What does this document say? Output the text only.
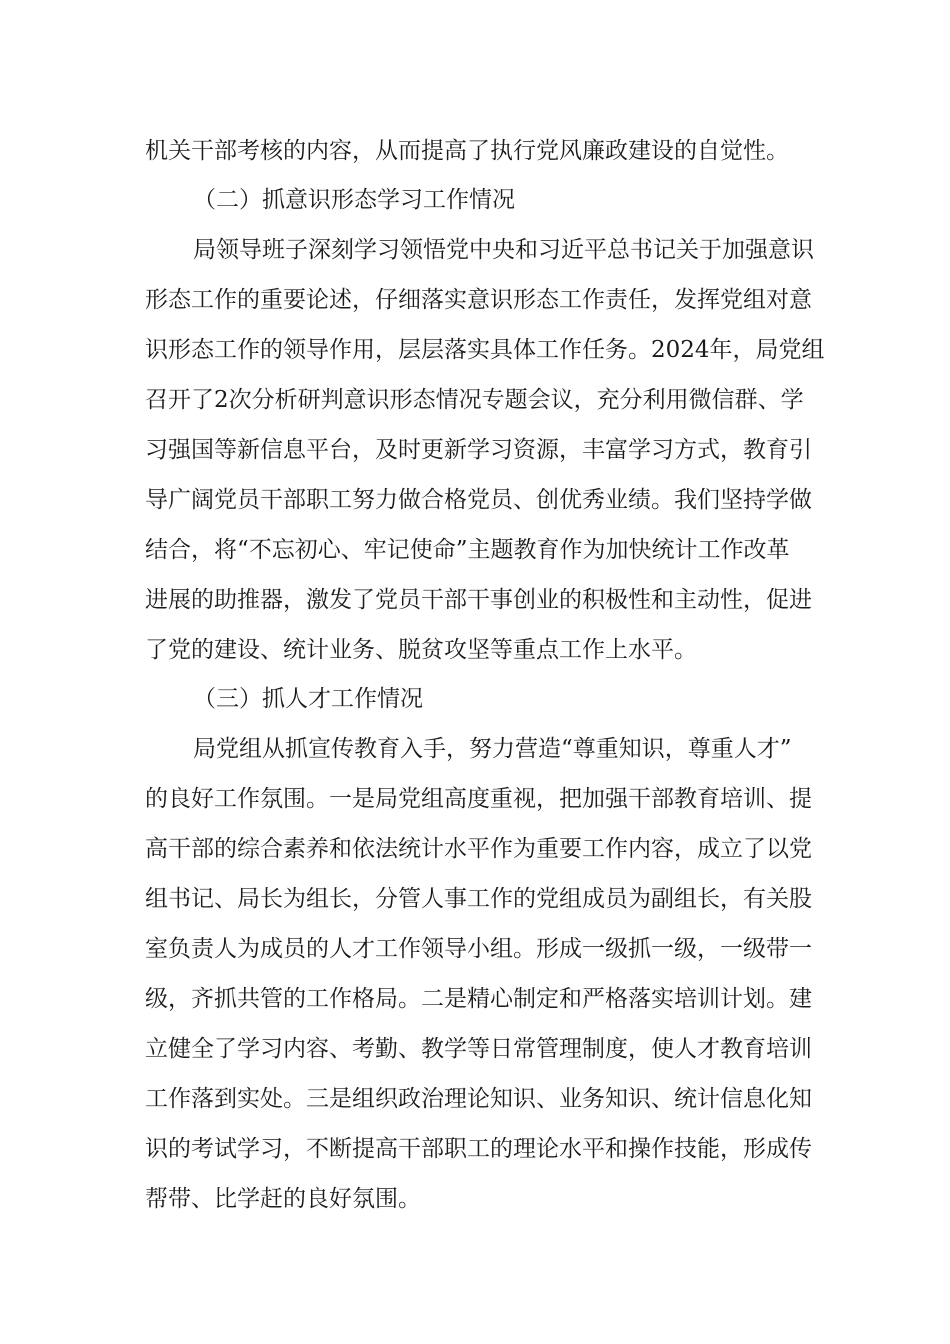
机关干部考核的内容，从而提高了执行党风廉政建设的自觉性。

（二）抓意识形态学习工作情况

局领导班子深刻学习领悟党中央和习近平总书记关于加强意识

形态工作的重要论述，仔细落实意识形态工作责任，发挥党组对意

识形态工作的领导作用，层层落实具体工作任务。2024年，局党组

召开了2次分析研判意识形态情况专题会议，充分利用微信群、学

习强国等新信息平台，及时更新学习资源，丰富学习方式，教育引

导广阔党员干部职工努力做合格党员、创优秀业绩。我们坚持学做

结合，将“不忘初心、牢记使命”主题教育作为加快统计工作改革

进展的助推器，激发了党员干部干事创业的积极性和主动性，促进

了党的建设、统计业务、脱贫攻坚等重点工作上水平。

（三）抓人才工作情况

局党组从抓宣传教育入手，努力营造“尊重知识，尊重人才”

的良好工作氛围。一是局党组高度重视，把加强干部教育培训、提

高干部的综合素养和依法统计水平作为重要工作内容，成立了以党

组书记、局长为组长，分管人事工作的党组成员为副组长，有关股

室负责人为成员的人才工作领导小组。形成一级抓一级，一级带一

级，齐抓共管的工作格局。二是精心制定和严格落实培训计划。建

立健全了学习内容、考勤、教学等日常管理制度，使人才教育培训

工作落到实处。三是组织政治理论知识、业务知识、统计信息化知

识的考试学习，不断提高干部职工的理论水平和操作技能，形成传

帮带、比学赶的良好氛围。
